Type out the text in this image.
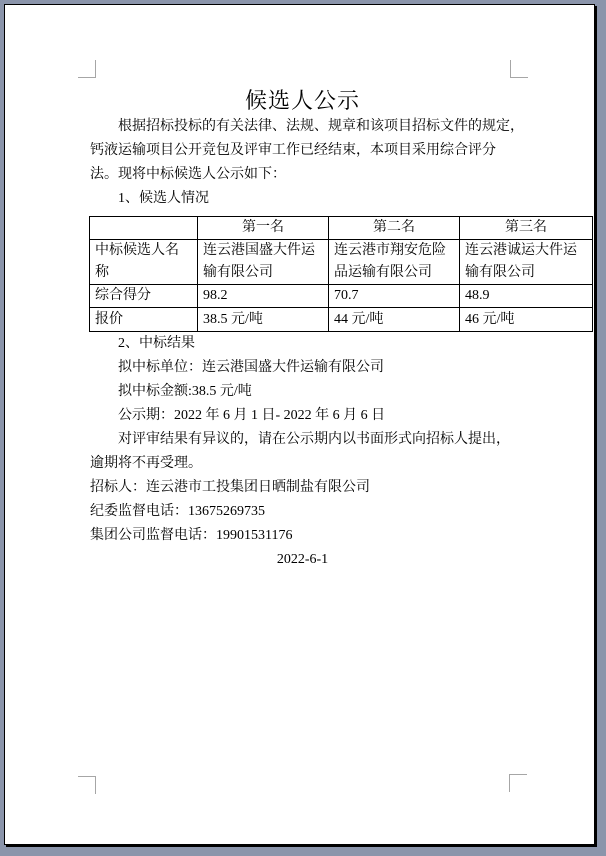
候选人公示

根据招标投标的有关法律、法规、规章和该项目招标文件的规定，

钙液运输项目公开竞包及评审工作已经结束，本项目采用综合评分

法。现将中标候选人公示如下：

1、候选人情况

	第一名	第二名	第三名
中标候选人名称	连云港国盛大件运输有限公司	连云港市翔安危险品运输有限公司	连云港诚运大件运输有限公司
综合得分	98.2	70.7	48.9
报价	38.5 元/吨	44 元/吨	46 元/吨

2、中标结果

拟中标单位：连云港国盛大件运输有限公司

拟中标金额:38.5 元/吨

公示期：2022 年 6 月 1 日- 2022 年 6 月 6 日

对评审结果有异议的，请在公示期内以书面形式向招标人提出，

逾期将不再受理。

招标人：连云港市工投集团日晒制盐有限公司

纪委监督电话：13675269735

集团公司监督电话：19901531176

2022-6-1
